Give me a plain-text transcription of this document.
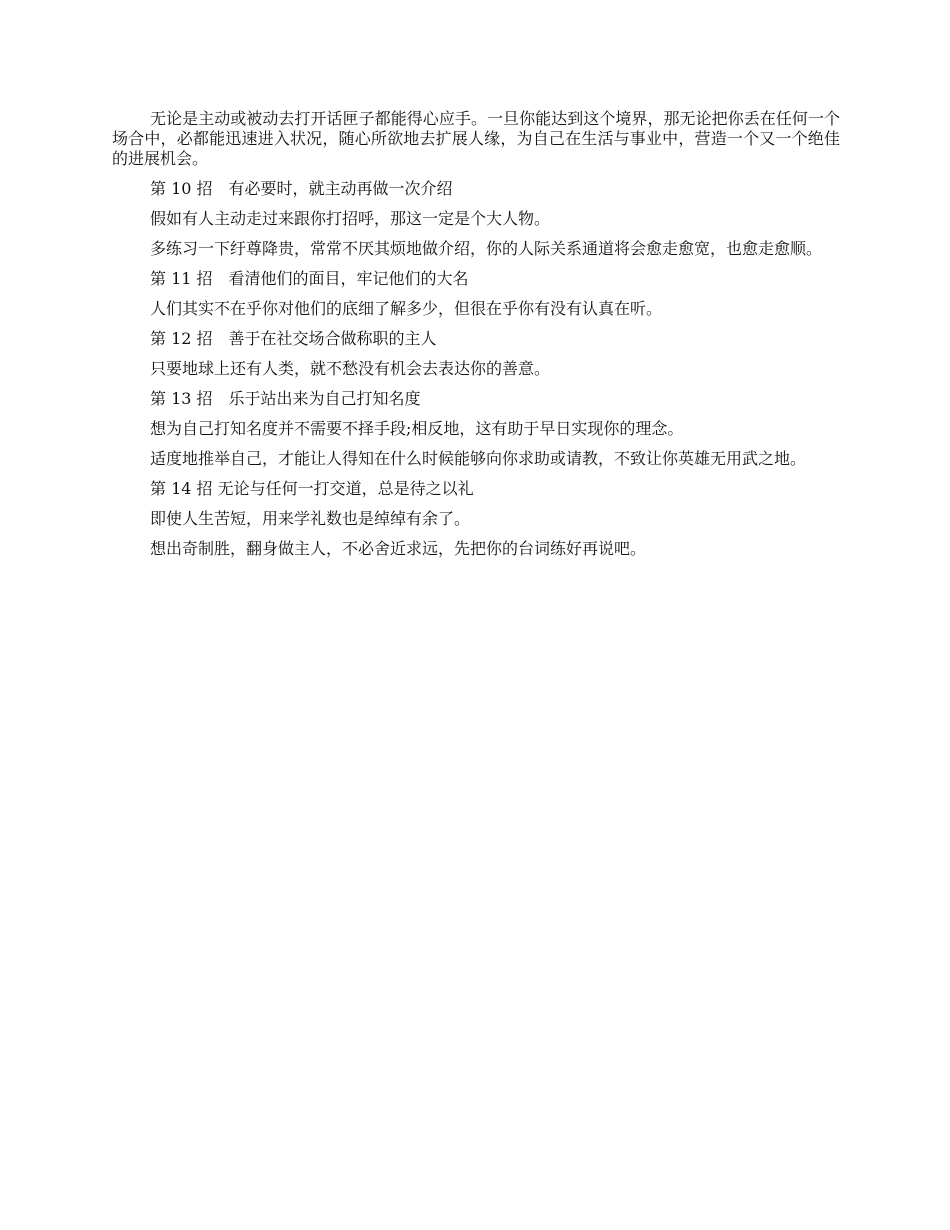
无论是主动或被动去打开话匣子都能得心应手。一旦你能达到这个境界，那无论把你丢在任何一个场合中，必都能迅速进入状况，随心所欲地去扩展人缘，为自己在生活与事业中，营造一个又一个绝佳的进展机会。

第 10 招　有必要时，就主动再做一次介绍

假如有人主动走过来跟你打招呼，那这一定是个大人物。

多练习一下纡尊降贵，常常不厌其烦地做介绍，你的人际关系通道将会愈走愈宽，也愈走愈顺。

第 11 招　看清他们的面目，牢记他们的大名

人们其实不在乎你对他们的底细了解多少，但很在乎你有没有认真在听。

第 12 招　善于在社交场合做称职的主人

只要地球上还有人类，就不愁没有机会去表达你的善意。

第 13 招　乐于站出来为自己打知名度

想为自己打知名度并不需要不择手段;相反地，这有助于早日实现你的理念。

适度地推举自己，才能让人得知在什么时候能够向你求助或请教，不致让你英雄无用武之地。

第 14 招 无论与任何一打交道，总是待之以礼

即使人生苦短，用来学礼数也是绰绰有余了。

想出奇制胜，翻身做主人，不必舍近求远，先把你的台词练好再说吧。
